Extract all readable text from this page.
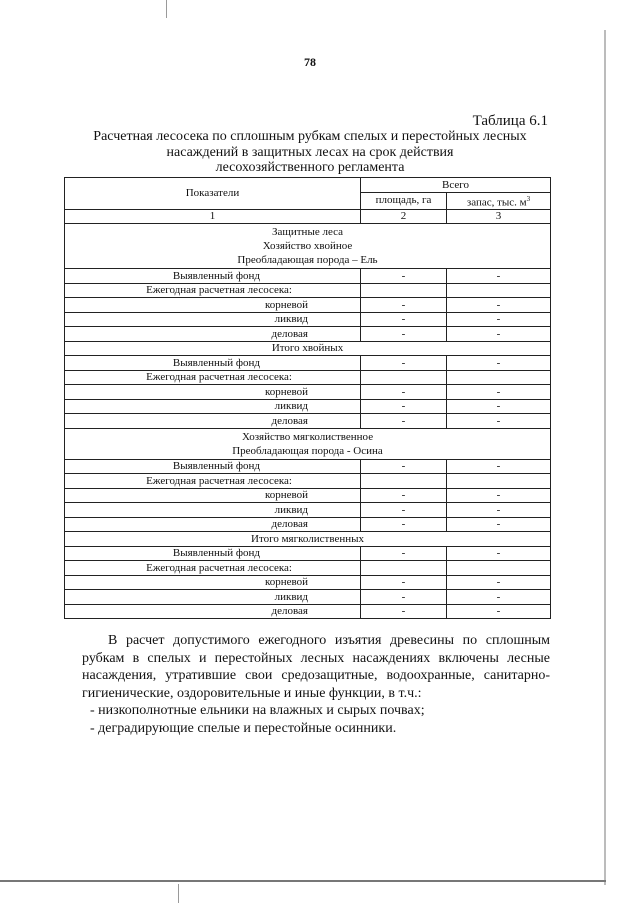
78
Таблица 6.1
Расчетная лесосека по сплошным рубкам спелых и перестойных лесных
насаждений в защитных лесах на срок действия
лесохозяйственного регламента
Показатели	Всего	
	площадь, га	запас, тыс. $м^3$
1	2	3

Защитные леса
Хозяйство хвойное
Преобладающая порода – Ель		

Выявленный фонд	-	-
Ежегодная расчетная лесосека:		
корневой	-	-
ликвид	-	-
деловая	-	-
Итого хвойных		
Выявленный фонд	-	-
Ежегодная расчетная лесосека:		
корневой	-	-
ликвид	-	-
деловая	-	-

Хозяйство мягколиственное
Преобладающая порода - Осина		

Выявленный фонд	-	-
Ежегодная расчетная лесосека:		
корневой	-	-
ликвид	-	-
деловая	-	-
Итого мягколиственных		
Выявленный фонд	-	-
Ежегодная расчетная лесосека:		
корневой	-	-
ликвид	-	-
деловая	-	-

В расчет допустимого ежегодного изъятия древесины по сплошным рубкам в спелых и перестойных лесных насаждениях включены лесные насаждения, утратившие свои средозащитные, водоохранные, санитарно-гигиенические, оздоровительные и иные функции, в т.ч.:

- низкополнотные ельники на влажных и сырых почвах;

- деградирующие спелые и перестойные осинники.
